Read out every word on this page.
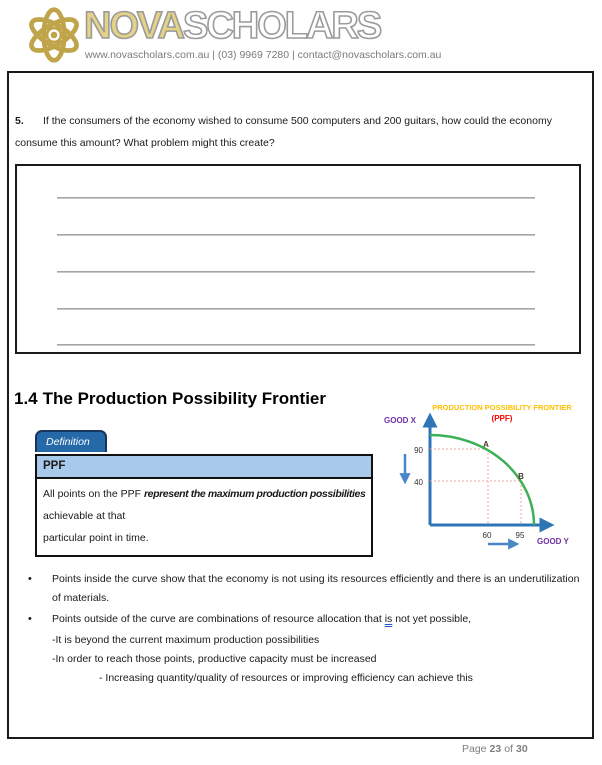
NOVASCHOLARS
www.novascholars.com.au | (03) 9969 7280 | contact@novascholars.com.au

5. If the consumers of the economy wished to consume 500 computers and 200 guitars, how could the economy consume this amount? What problem might this create?

1.4 The Production Possibility Frontier
Definition
PPF
All points on the PPF represent the maximum production possibilities
achievable at that
particular point in time.
PRODUCTION POSSIBILITY FRONTIER
(PPF)
GOOD X
GOOD Y
A
B
90
40
60	95
•
Points inside the curve show that the economy is not using its resources efficiently and there is an underutilization of materials.
•
Points outside of the curve are combinations of resource allocation that is not yet possible,
-It is beyond the current maximum production possibilities
-In order to reach those points, productive capacity must be increased
- Increasing quantity/quality of resources or improving efficiency can achieve this
Page 23 of 30
